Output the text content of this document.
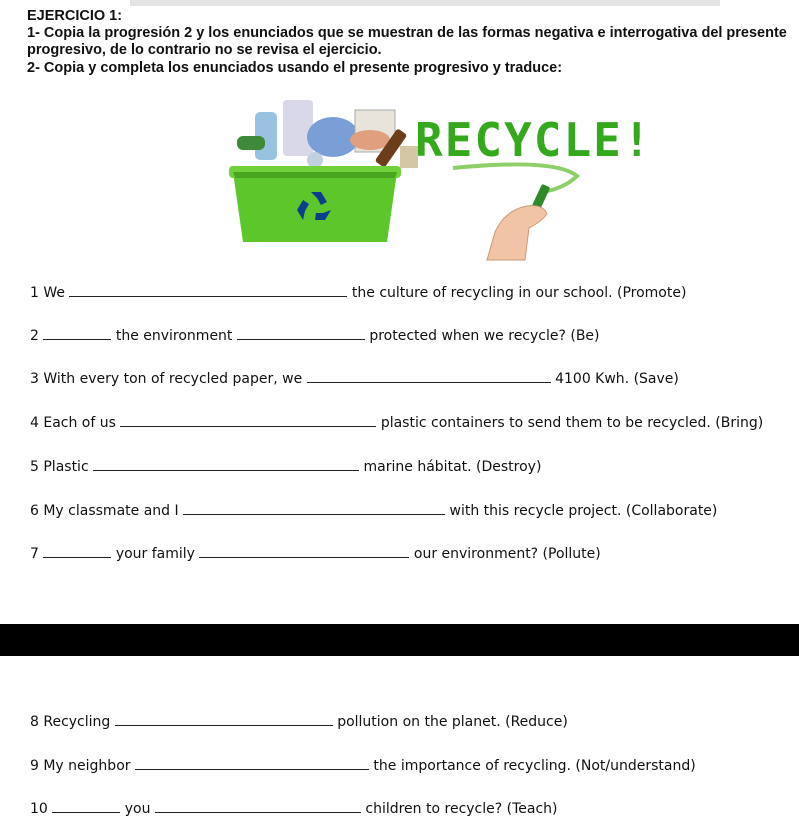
EJERCICIO 1:
1- Copia la progresión 2 y los enunciados que se muestran de las formas negativa e interrogativa del presente progresivo, de lo contrario no se revisa el ejercicio.
2- Copia y completa los enunciados usando el presente progresivo y traduce:
RECYCLE!
1 We	the culture of recycling in our school. (Promote)
2	the environment	protected when we recycle? (Be)
3 With every ton of recycled paper, we	4100 Kwh. (Save)
4 Each of us	plastic containers to send them to be recycled. (Bring)
5 Plastic	marine hábitat. (Destroy)
6 My classmate and I	with this recycle project. (Collaborate)
7	your family	our environment? (Pollute)
8 Recycling	pollution on the planet. (Reduce)
9 My neighbor	the importance of recycling. (Not/understand)
10	you	children to recycle? (Teach)
